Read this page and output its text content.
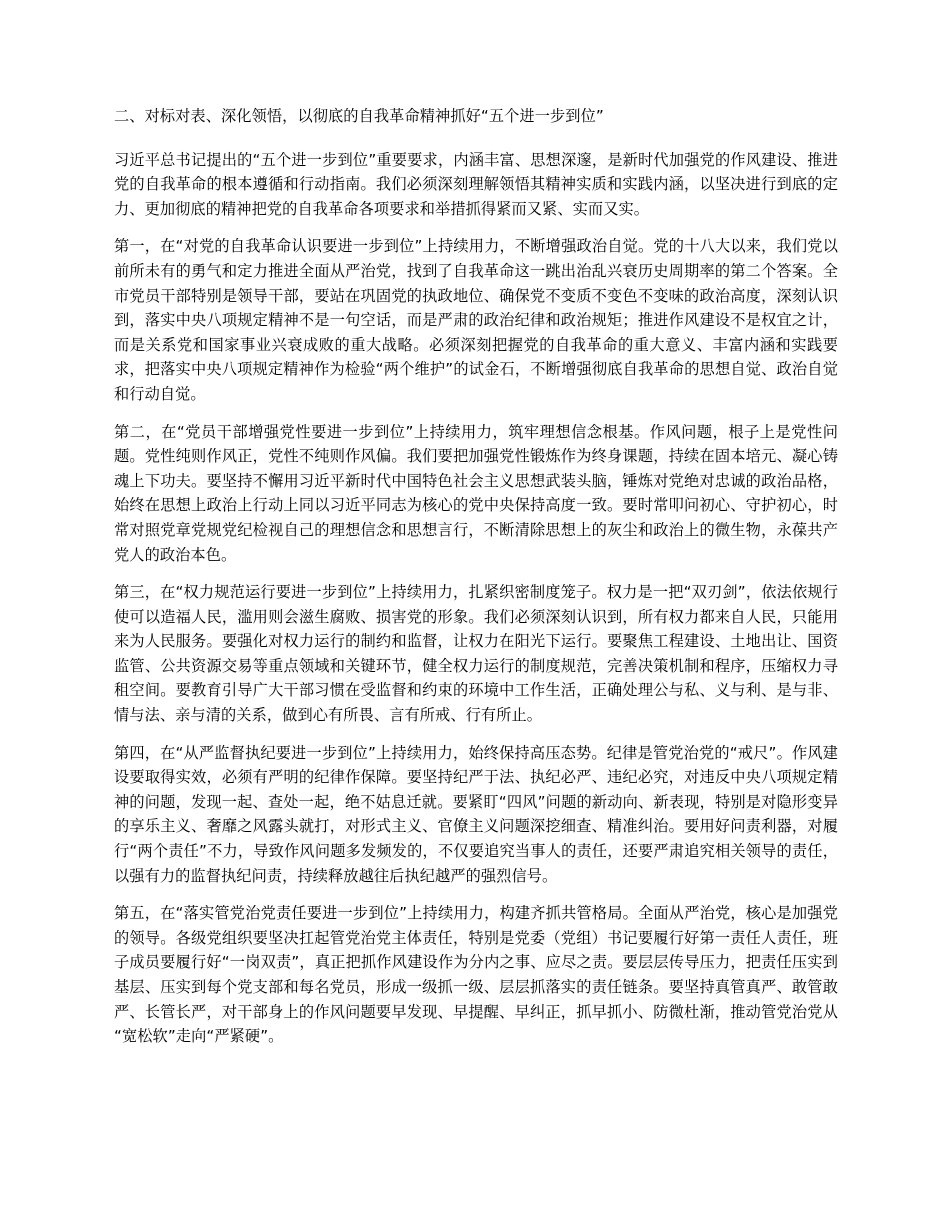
二、对标对表、深化领悟，以彻底的自我革命精神抓好“五个进一步到位”

习近平总书记提出的“五个进一步到位”重要要求，内涵丰富、思想深邃，是新时代加强党的作风建设、推进党的自我革命的根本遵循和行动指南。我们必须深刻理解领悟其精神实质和实践内涵，以坚决进行到底的定力、更加彻底的精神把党的自我革命各项要求和举措抓得紧而又紧、实而又实。

第一，在“对党的自我革命认识要进一步到位”上持续用力，不断增强政治自觉。党的十八大以来，我们党以前所未有的勇气和定力推进全面从严治党，找到了自我革命这一跳出治乱兴衰历史周期率的第二个答案。全市党员干部特别是领导干部，要站在巩固党的执政地位、确保党不变质不变色不变味的政治高度，深刻认识到，落实中央八项规定精神不是一句空话，而是严肃的政治纪律和政治规矩；推进作风建设不是权宜之计，而是关系党和国家事业兴衰成败的重大战略。必须深刻把握党的自我革命的重大意义、丰富内涵和实践要求，把落实中央八项规定精神作为检验“两个维护”的试金石，不断增强彻底自我革命的思想自觉、政治自觉和行动自觉。

第二，在“党员干部增强党性要进一步到位”上持续用力，筑牢理想信念根基。作风问题，根子上是党性问题。党性纯则作风正，党性不纯则作风偏。我们要把加强党性锻炼作为终身课题，持续在固本培元、凝心铸魂上下功夫。要坚持不懈用习近平新时代中国特色社会主义思想武装头脑，锤炼对党绝对忠诚的政治品格，始终在思想上政治上行动上同以习近平同志为核心的党中央保持高度一致。要时常叩问初心、守护初心，时常对照党章党规党纪检视自己的理想信念和思想言行，不断清除思想上的灰尘和政治上的微生物，永葆共产党人的政治本色。

第三，在“权力规范运行要进一步到位”上持续用力，扎紧织密制度笼子。权力是一把“双刃剑”，依法依规行使可以造福人民，滥用则会滋生腐败、损害党的形象。我们必须深刻认识到，所有权力都来自人民，只能用来为人民服务。要强化对权力运行的制约和监督，让权力在阳光下运行。要聚焦工程建设、土地出让、国资监管、公共资源交易等重点领域和关键环节，健全权力运行的制度规范，完善决策机制和程序，压缩权力寻租空间。要教育引导广大干部习惯在受监督和约束的环境中工作生活，正确处理公与私、义与利、是与非、情与法、亲与清的关系，做到心有所畏、言有所戒、行有所止。

第四，在“从严监督执纪要进一步到位”上持续用力，始终保持高压态势。纪律是管党治党的“戒尺”。作风建设要取得实效，必须有严明的纪律作保障。要坚持纪严于法、执纪必严、违纪必究，对违反中央八项规定精神的问题，发现一起、查处一起，绝不姑息迁就。要紧盯“四风”问题的新动向、新表现，特别是对隐形变异的享乐主义、奢靡之风露头就打，对形式主义、官僚主义问题深挖细查、精准纠治。要用好问责利器，对履行“两个责任”不力，导致作风问题多发频发的，不仅要追究当事人的责任，还要严肃追究相关领导的责任，以强有力的监督执纪问责，持续释放越往后执纪越严的强烈信号。

第五，在“落实管党治党责任要进一步到位”上持续用力，构建齐抓共管格局。全面从严治党，核心是加强党的领导。各级党组织要坚决扛起管党治党主体责任，特别是党委（党组）书记要履行好第一责任人责任，班子成员要履行好“一岗双责”，真正把抓作风建设作为分内之事、应尽之责。要层层传导压力，把责任压实到基层、压实到每个党支部和每名党员，形成一级抓一级、层层抓落实的责任链条。要坚持真管真严、敢管敢严、长管长严，对干部身上的作风问题要早发现、早提醒、早纠正，抓早抓小、防微杜渐，推动管党治党从“宽松软”走向“严紧硬”。
